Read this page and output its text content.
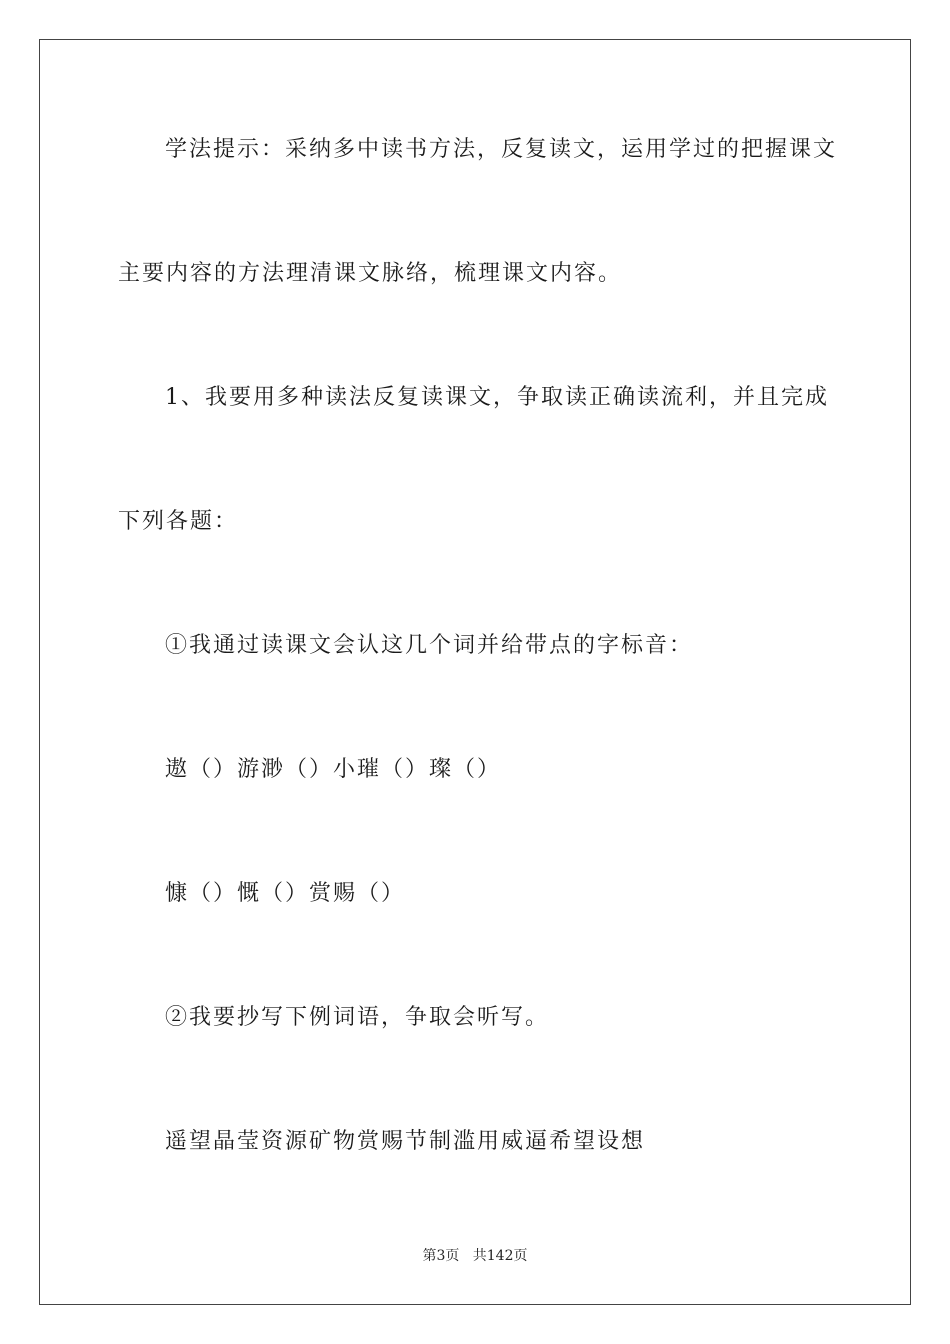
学法提示：采纳多中读书方法，反复读文，运用学过的把握课文
主要内容的方法理清课文脉络，梳理课文内容。
1、我要用多种读法反复读课文，争取读正确读流利，并且完成
下列各题：
①我通过读课文会认这几个词并给带点的字标音：
遨（）游渺（）小璀（）璨（）
慷（）慨（）赏赐（）
②我要抄写下例词语，争取会听写。
遥望晶莹资源矿物赏赐节制滥用威逼希望设想
第3页 共142页
